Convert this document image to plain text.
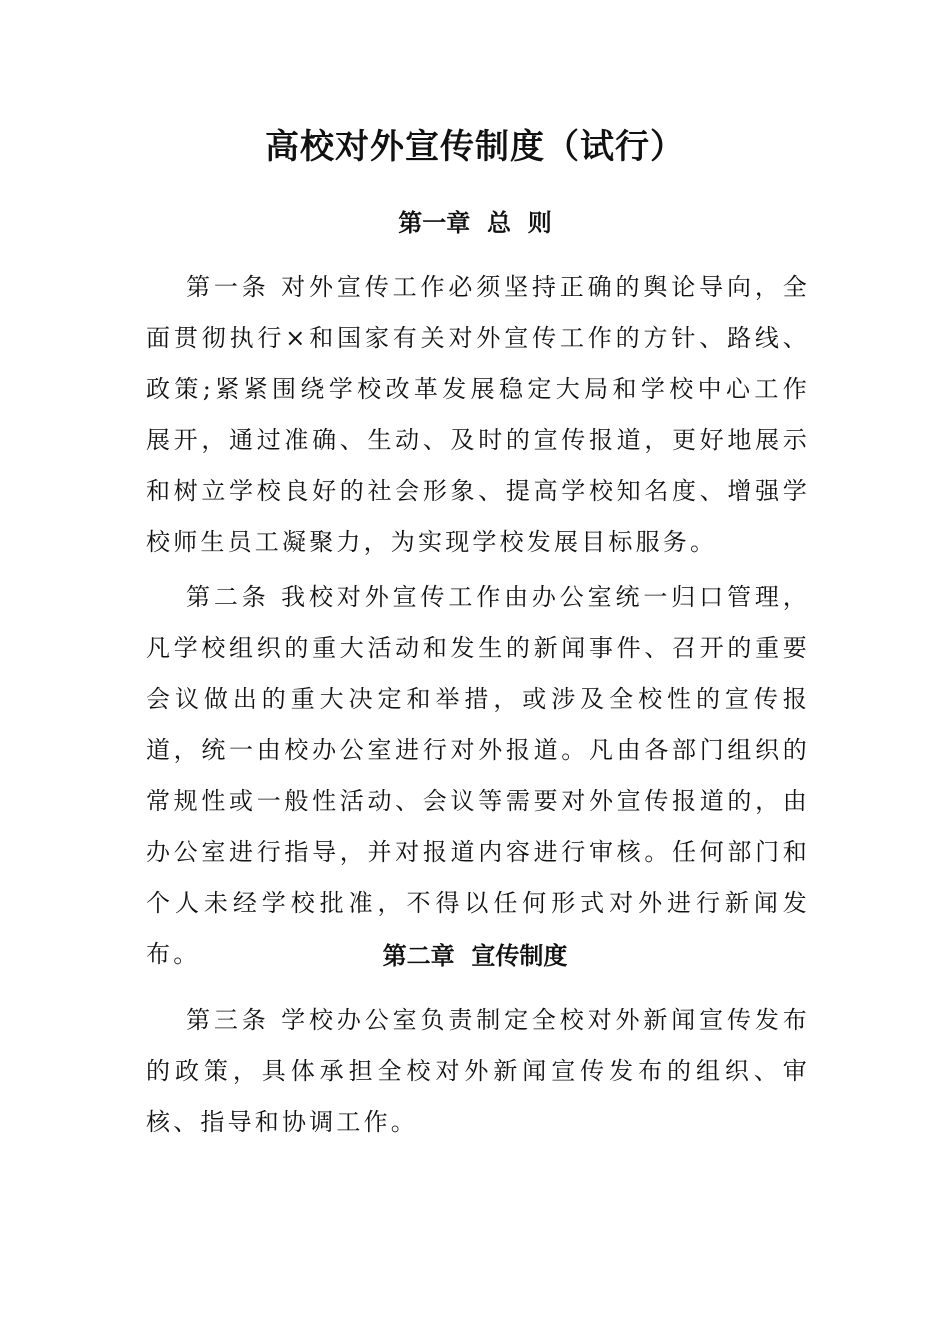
高校对外宣传制度（试行）
第一章  总  则

第一条 对外宣传工作必须坚持正确的舆论导向，全面贯彻执行×和国家有关对外宣传工作的方针、路线、政策;紧紧围绕学校改革发展稳定大局和学校中心工作展开，通过准确、生动、及时的宣传报道，更好地展示和树立学校良好的社会形象、提高学校知名度、增强学校师生员工凝聚力，为实现学校发展目标服务。

第二条 我校对外宣传工作由办公室统一归口管理，凡学校组织的重大活动和发生的新闻事件、召开的重要会议做出的重大决定和举措，或涉及全校性的宣传报道，统一由校办公室进行对外报道。凡由各部门组织的常规性或一般性活动、会议等需要对外宣传报道的，由办公室进行指导，并对报道内容进行审核。任何部门和个人未经学校批准，不得以任何形式对外进行新闻发布。	第二章  宣传制度

第三条 学校办公室负责制定全校对外新闻宣传发布的政策，具体承担全校对外新闻宣传发布的组织、审核、指导和协调工作。
